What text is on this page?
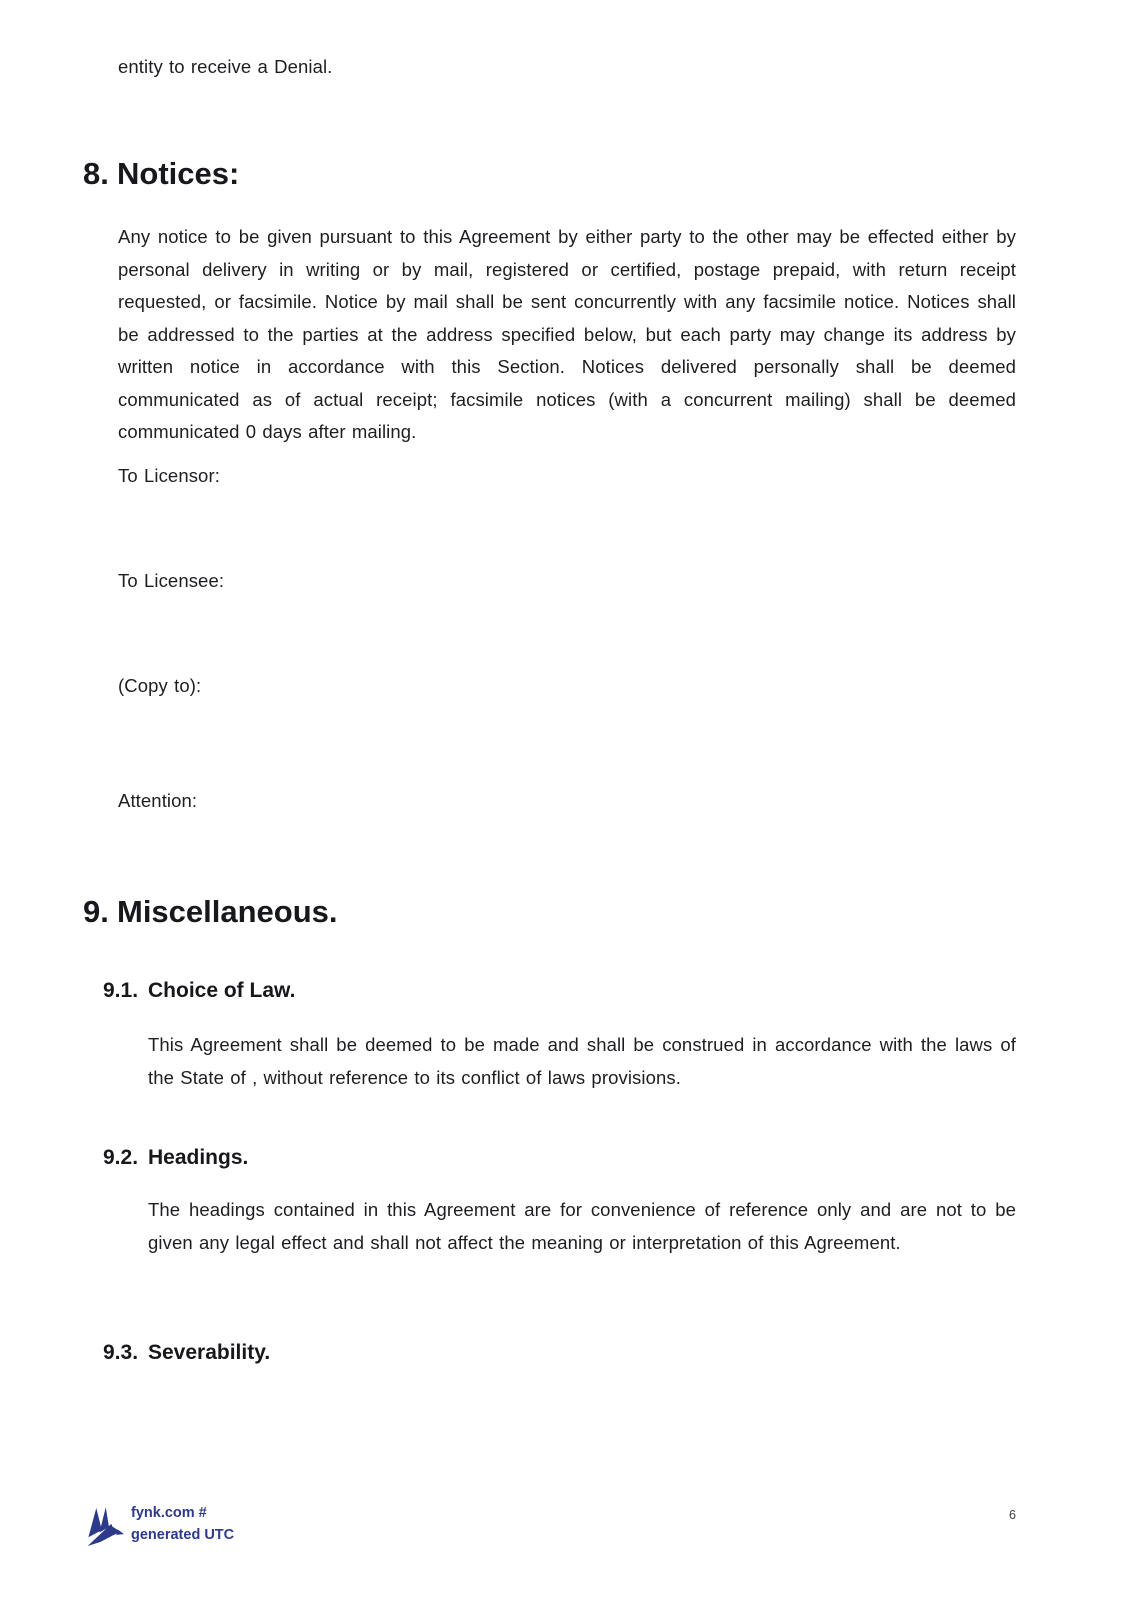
entity to receive a Denial.
8. Notices:
Any notice to be given pursuant to this Agreement by either party to the other may be effected either by personal delivery in writing or by mail, registered or certified, postage prepaid, with return receipt requested, or facsimile. Notice by mail shall be sent concurrently with any facsimile notice. Notices shall be addressed to the parties at the address specified below, but each party may change its address by written notice in accordance with this Section. Notices delivered personally shall be deemed communicated as of actual receipt; facsimile notices (with a concurrent mailing) shall be deemed communicated 0 days after mailing.
To Licensor:
To Licensee:
(Copy to):
Attention:
9. Miscellaneous.
9.1. Choice of Law.
This Agreement shall be deemed to be made and shall be construed in accordance with the laws of the State of , without reference to its conflict of laws provisions.
9.2. Headings.
The headings contained in this Agreement are for convenience of reference only and are not to be given any legal effect and shall not affect the meaning or interpretation of this Agreement.
9.3. Severability.
fynk.com #
generated UTC
6
